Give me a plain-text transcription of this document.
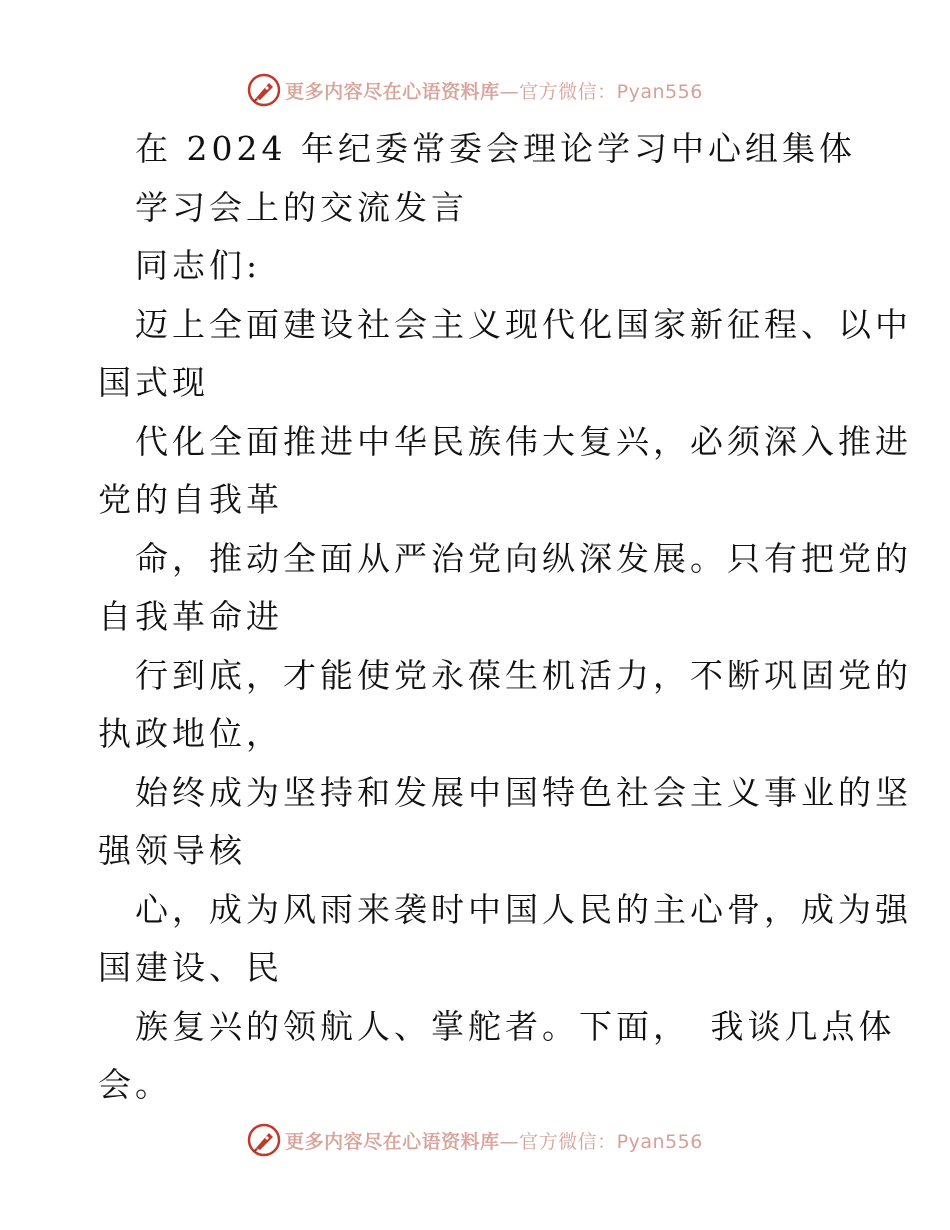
更多内容尽在心语资料库—官方微信：Pyan556
在 2024 年纪委常委会理论学习中心组集体
学习会上的交流发言
同志们:
迈上全面建设社会主义现代化国家新征程、以中
国式现
代化全面推进中华民族伟大复兴，必须深入推进
党的自我革
命，推动全面从严治党向纵深发展。只有把党的
自我革命进
行到底，才能使党永葆生机活力，不断巩固党的
执政地位，
始终成为坚持和发展中国特色社会主义事业的坚
强领导核
心，成为风雨来袭时中国人民的主心骨，成为强
国建设、民
族复兴的领航人、掌舵者。下面，　我谈几点体
会。
更多内容尽在心语资料库—官方微信：Pyan556
